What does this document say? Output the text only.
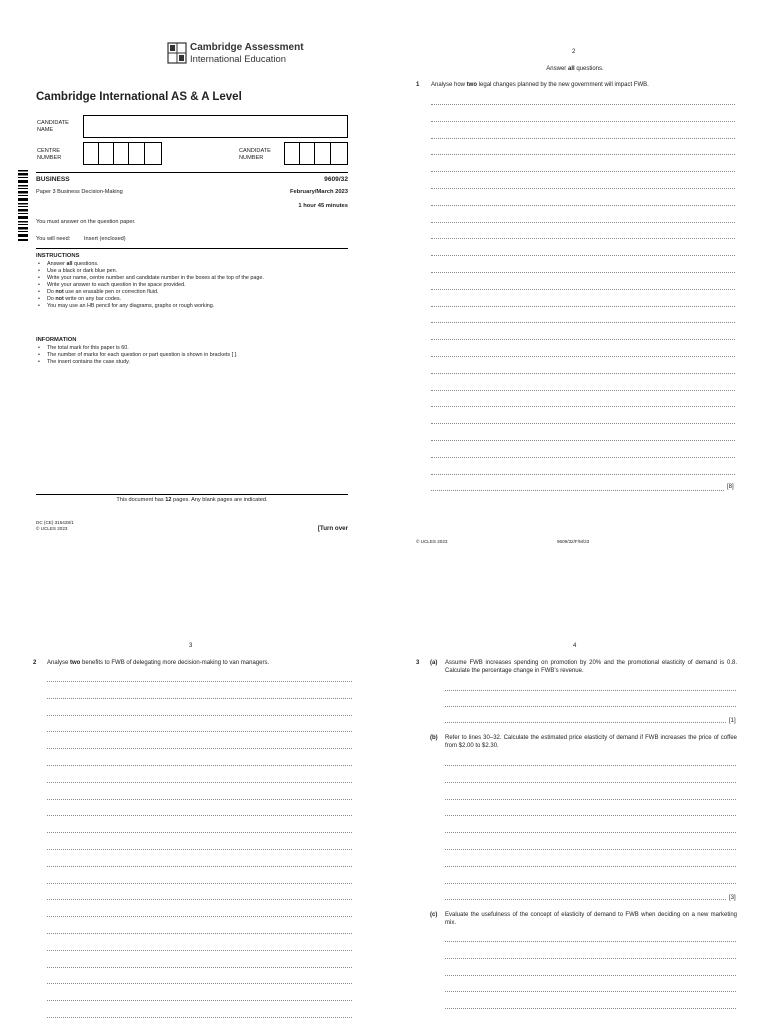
Cambridge Assessment
International Education
Cambridge International AS & A Level
CANDIDATE
NAME
CENTRE
NUMBER
CANDIDATE
NUMBER
BUSINESS	9609/32
Paper 3 Business Decision-Making	February/March 2023
1 hour 45 minutes
You must answer on the question paper.
You will need: Insert (enclosed)
INSTRUCTIONS
• Answer all questions.
• Use a black or dark blue pen.
• Write your name, centre number and candidate number in the boxes at the top of the page.
• Write your answer to each question in the space provided.
• Do not use an erasable pen or correction fluid.
• Do not write on any bar codes.
• You may use an HB pencil for any diagrams, graphs or rough working.
INFORMATION
• The total mark for this paper is 60.
• The number of marks for each question or part question is shown in brackets [ ].
• The insert contains the case study.
This document has 12 pages. Any blank pages are indicated.
DC (CE) 315428/1
© UCLES 2023	[Turn over
2
Answer all questions.
1 Analyse how two legal changes planned by the new government will impact FWB.
[8]
© UCLES 2023	9609/32/F/M/23
3
2 Analyse two benefits to FWB of delegating more decision-making to van managers.
4
3 (a) Assume FWB increases spending on promotion by 20% and the promotional elasticity of demand is 0.8. Calculate the percentage change in FWB’s revenue.
[1]
(b) Refer to lines 30–32. Calculate the estimated price elasticity of demand if FWB increases the price of coffee from $2.00 to $2.30.
[3]
(c) Evaluate the usefulness of the concept of elasticity of demand to FWB when deciding on a new marketing mix.
